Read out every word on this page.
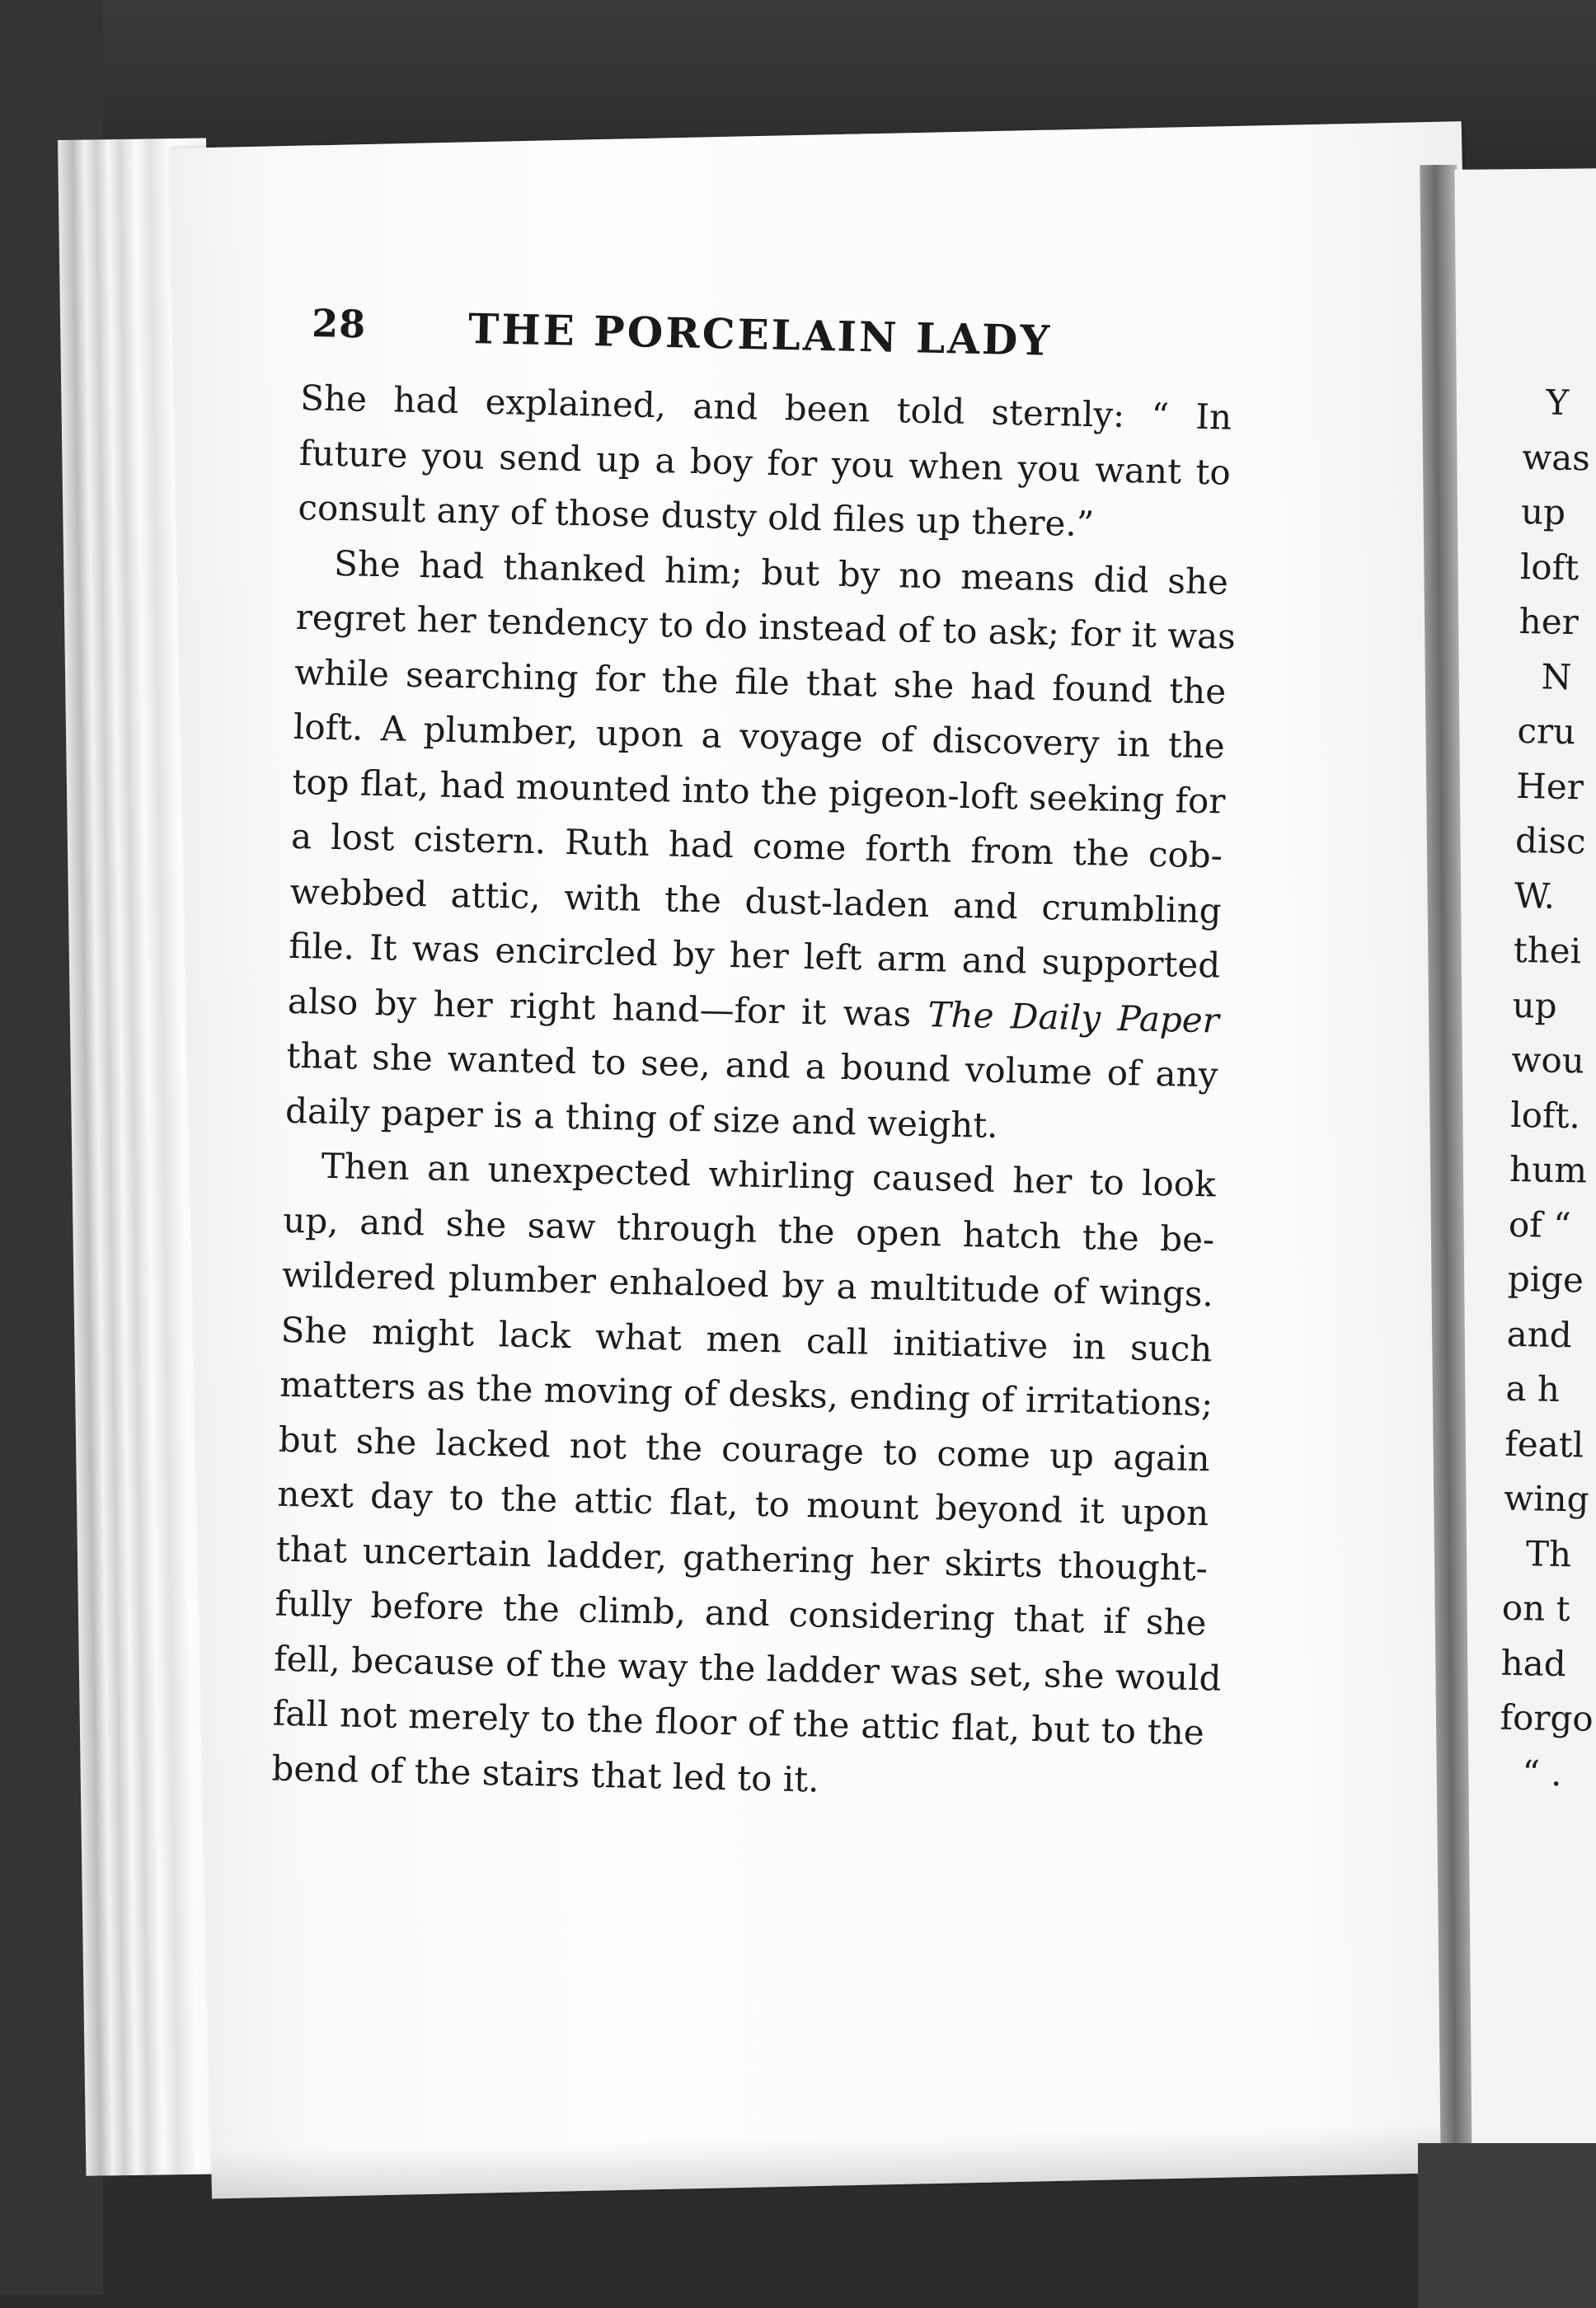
28 THE PORCELAIN LADY

She had explained, and been told sternly: “ In
future you send up a boy for you when you want to
consult any of those dusty old files up there.”

She had thanked him; but by no means did she
regret her tendency to do instead of to ask; for it was
while searching for the file that she had found the
loft. A plumber, upon a voyage of discovery in the
top flat, had mounted into the pigeon-loft seeking for
a lost cistern. Ruth had come forth from the cob-
webbed attic, with the dust-laden and crumbling
file. It was encircled by her left arm and supported
also by her right hand—for it was The Daily Paper
that she wanted to see, and a bound volume of any
daily paper is a thing of size and weight.

Then an unexpected whirling caused her to look
up, and she saw through the open hatch the be-
wildered plumber enhaloed by a multitude of wings.
She might lack what men call initiative in such
matters as the moving of desks, ending of irritations;
but she lacked not the courage to come up again
next day to the attic flat, to mount beyond it upon
that uncertain ladder, gathering her skirts thought-
fully before the climb, and considering that if she
fell, because of the way the ladder was set, she would
fall not merely to the floor of the attic flat, but to the
bend of the stairs that led to it.

Y
was
up
loft
her
N
cru
Her
disc
W.
thei
up
wou
loft.
hum
of “
pige
and
a h
featl
wing
Th
on t
had
forgo
“ .
